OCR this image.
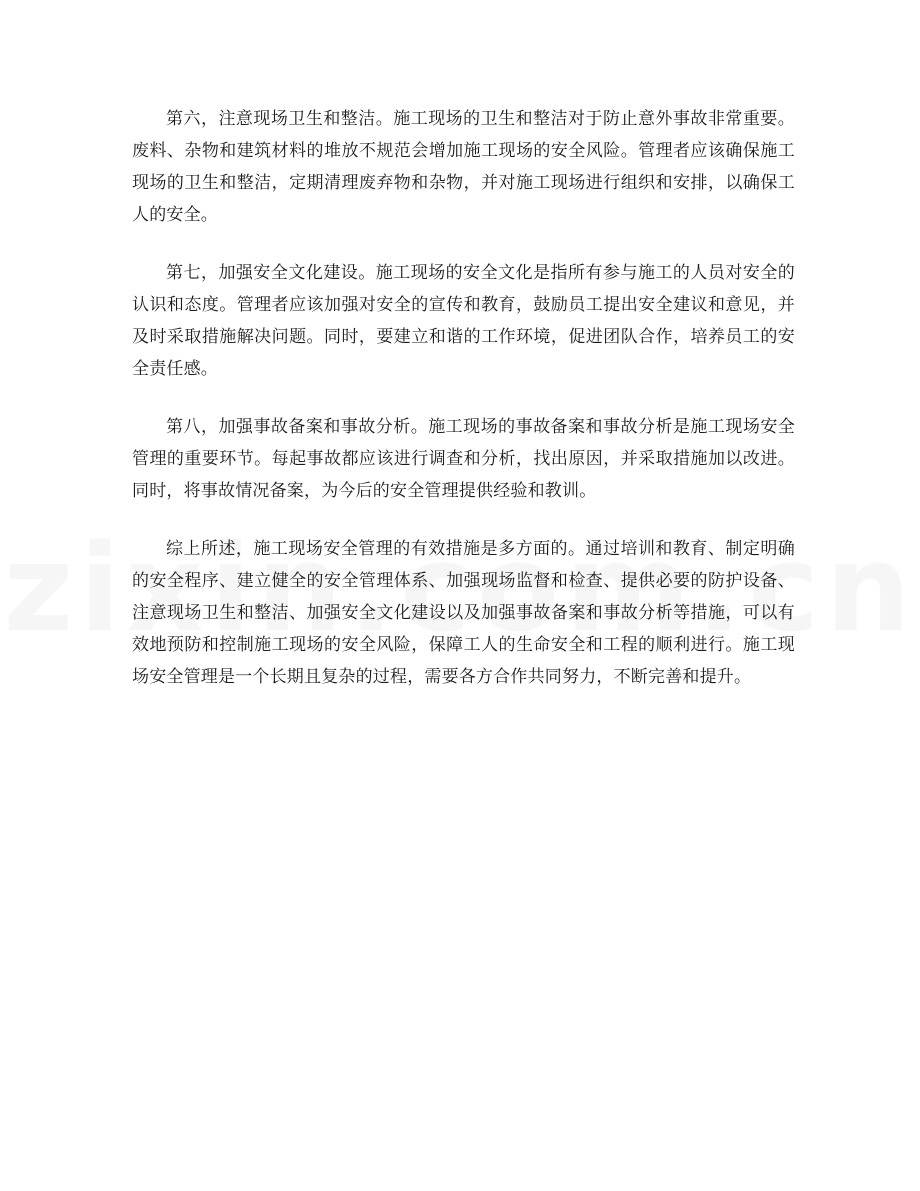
第六，注意现场卫生和整洁。施工现场的卫生和整洁对于防止意外事故非常重要。废料、杂物和建筑材料的堆放不规范会增加施工现场的安全风险。管理者应该确保施工现场的卫生和整洁，定期清理废弃物和杂物，并对施工现场进行组织和安排，以确保工人的安全。

第七，加强安全文化建设。施工现场的安全文化是指所有参与施工的人员对安全的认识和态度。管理者应该加强对安全的宣传和教育，鼓励员工提出安全建议和意见，并及时采取措施解决问题。同时，要建立和谐的工作环境，促进团队合作，培养员工的安全责任感。

第八，加强事故备案和事故分析。施工现场的事故备案和事故分析是施工现场安全管理的重要环节。每起事故都应该进行调查和分析，找出原因，并采取措施加以改进。同时，将事故情况备案，为今后的安全管理提供经验和教训。

综上所述，施工现场安全管理的有效措施是多方面的。通过培训和教育、制定明确的安全程序、建立健全的安全管理体系、加强现场监督和检查、提供必要的防护设备、注意现场卫生和整洁、加强安全文化建设以及加强事故备案和事故分析等措施，可以有效地预防和控制施工现场的安全风险，保障工人的生命安全和工程的顺利进行。施工现场安全管理是一个长期且复杂的过程，需要各方合作共同努力，不断完善和提升。
